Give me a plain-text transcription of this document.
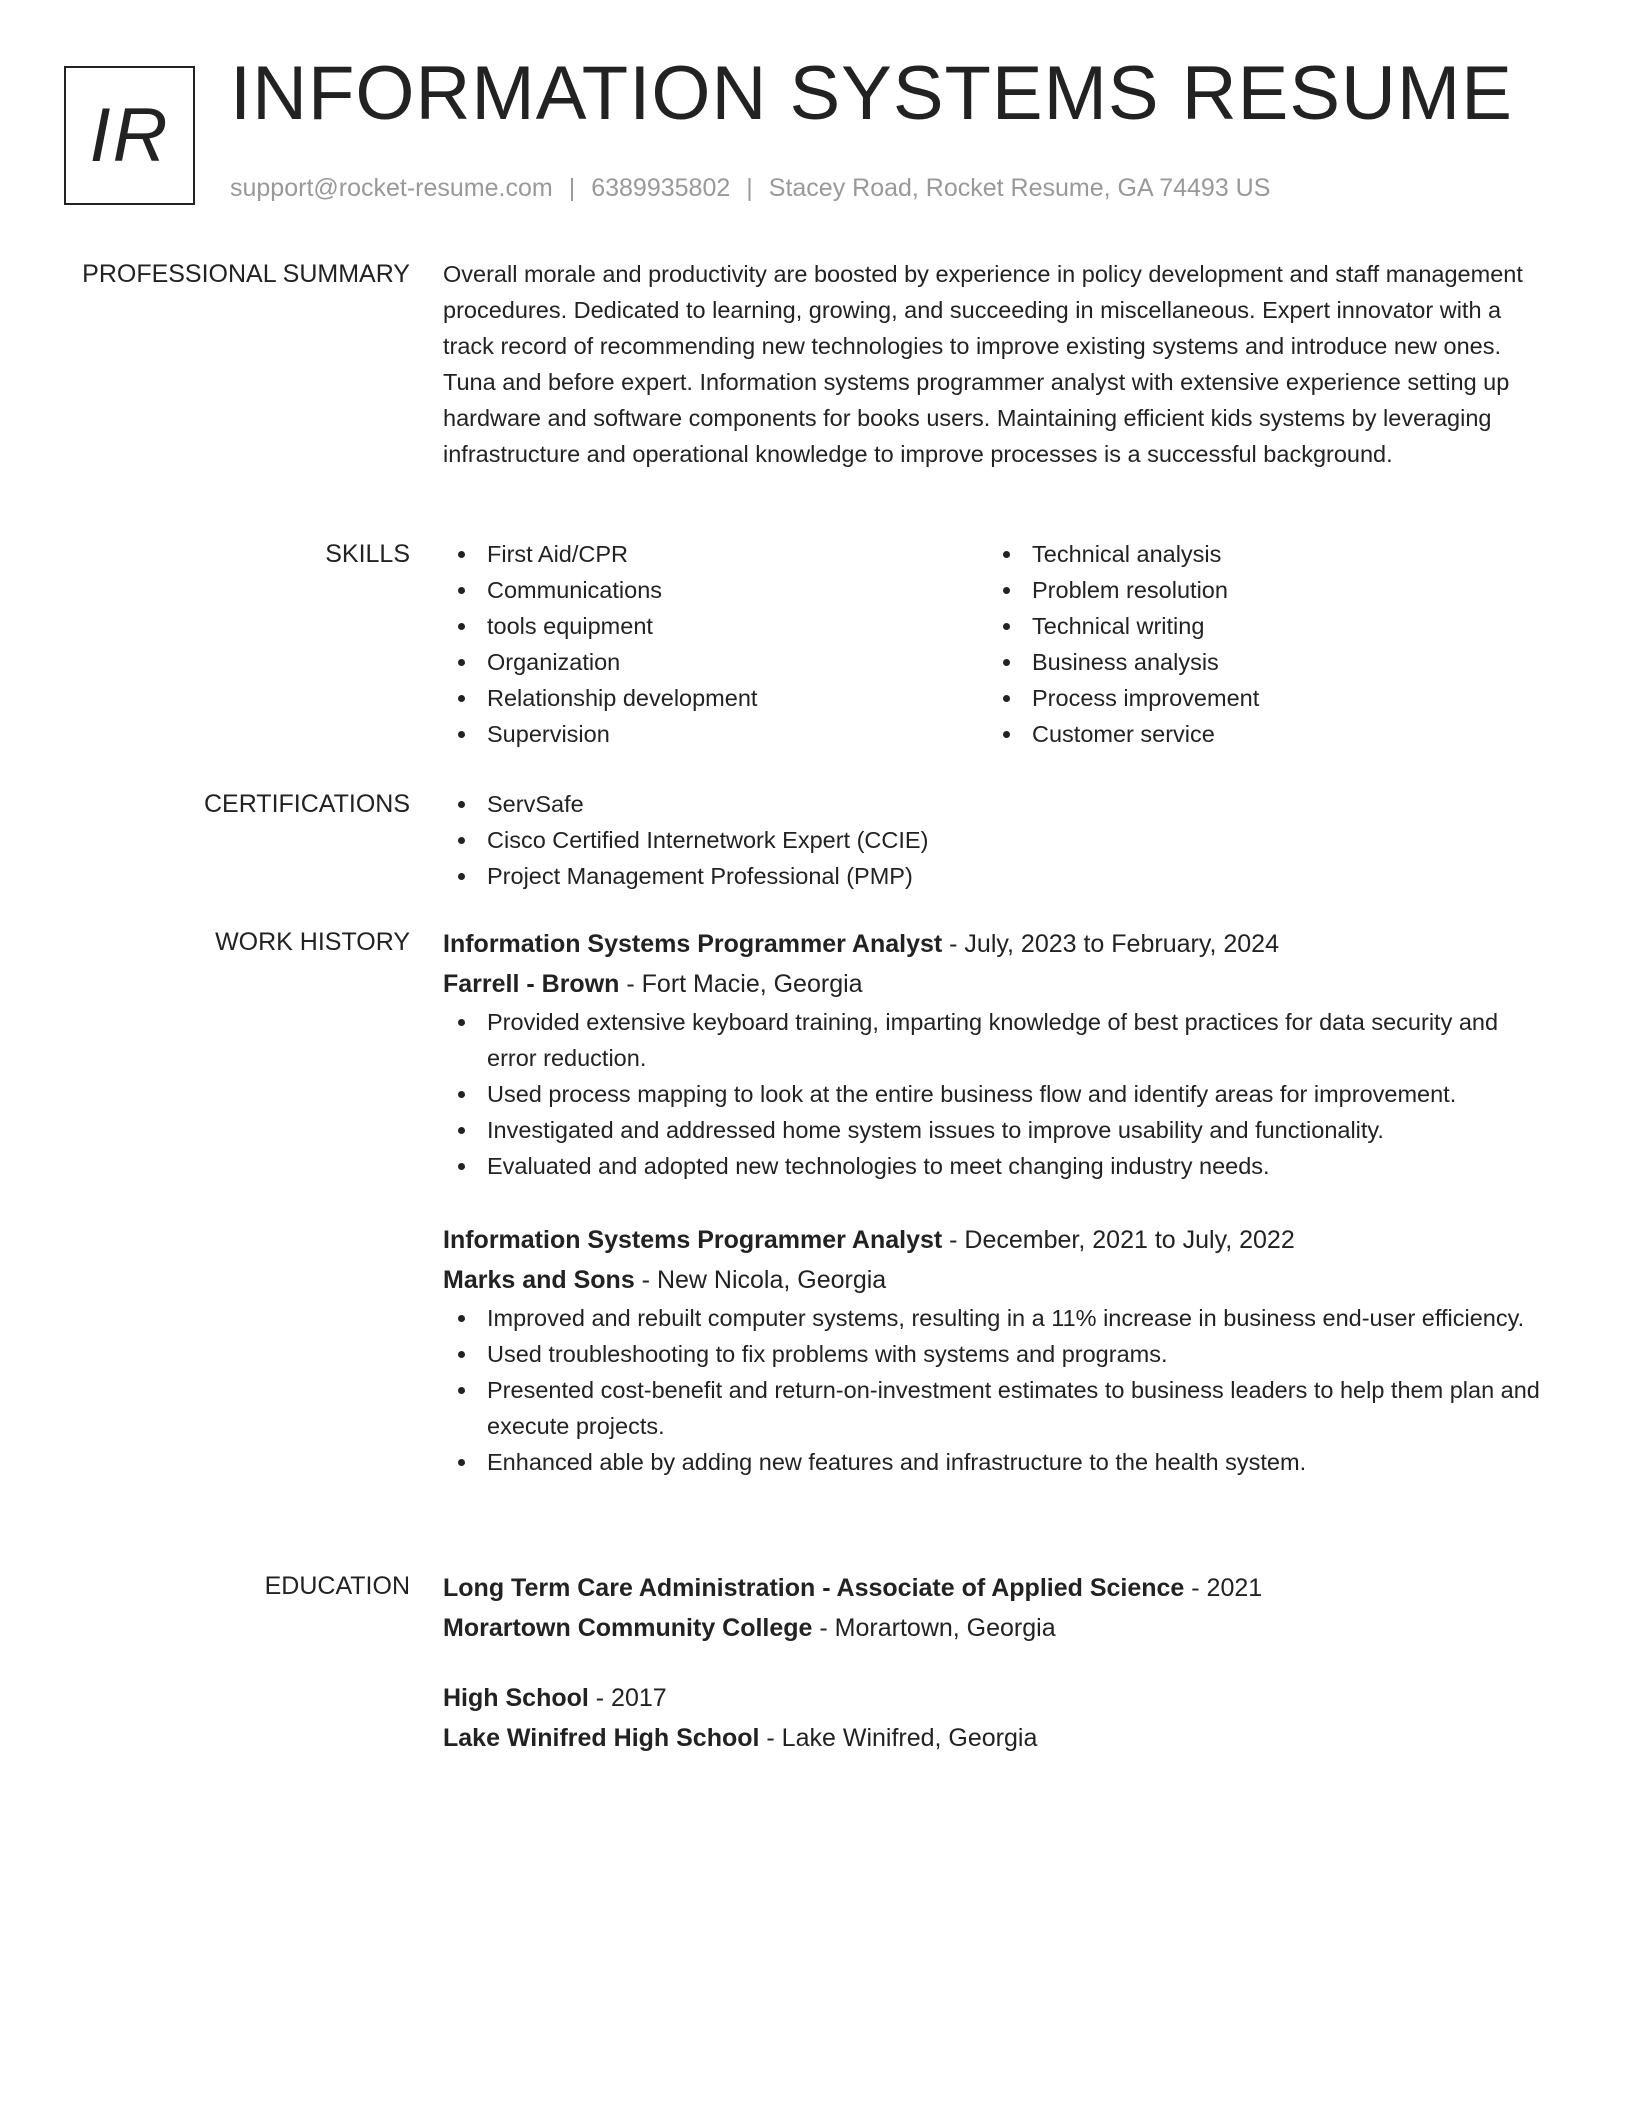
IR INFORMATION SYSTEMS RESUME
support@rocket-resume.com | 6389935802 | Stacey Road, Rocket Resume, GA 74493 US
PROFESSIONAL SUMMARY Overall morale and productivity are boosted by experience in policy development and staff management procedures. Dedicated to learning, growing, and succeeding in miscellaneous. Expert innovator with a track record of recommending new technologies to improve existing systems and introduce new ones. Tuna and before expert. Information systems programmer analyst with extensive experience setting up hardware and software components for books users. Maintaining efficient kids systems by leveraging infrastructure and operational knowledge to improve processes is a successful background.

SKILLS	First Aid/CPR
Communications
tools equipment
Organization
Relationship development
Supervision
Technical analysis
Problem resolution
Technical writing
Business analysis
Process improvement
Customer service
CERTIFICATIONS	ServSafe
Cisco Certified Internetwork Expert (CCIE)
Project Management Professional (PMP)
WORK HISTORY Information Systems Programmer Analyst - July, 2023 to February, 2024
Farrell - Brown - Fort Macie, Georgia
Provided extensive keyboard training, imparting knowledge of best practices for data security and error reduction.
Used process mapping to look at the entire business flow and identify areas for improvement.
Investigated and addressed home system issues to improve usability and functionality.
Evaluated and adopted new technologies to meet changing industry needs.
Information Systems Programmer Analyst - December, 2021 to July, 2022
Marks and Sons - New Nicola, Georgia
Improved and rebuilt computer systems, resulting in a 11% increase in business end-user efficiency.
Used troubleshooting to fix problems with systems and programs.
Presented cost-benefit and return-on-investment estimates to business leaders to help them plan and execute projects.
Enhanced able by adding new features and infrastructure to the health system.
EDUCATION Long Term Care Administration - Associate of Applied Science - 2021
Morartown Community College - Morartown, Georgia
High School - 2017
Lake Winifred High School - Lake Winifred, Georgia
